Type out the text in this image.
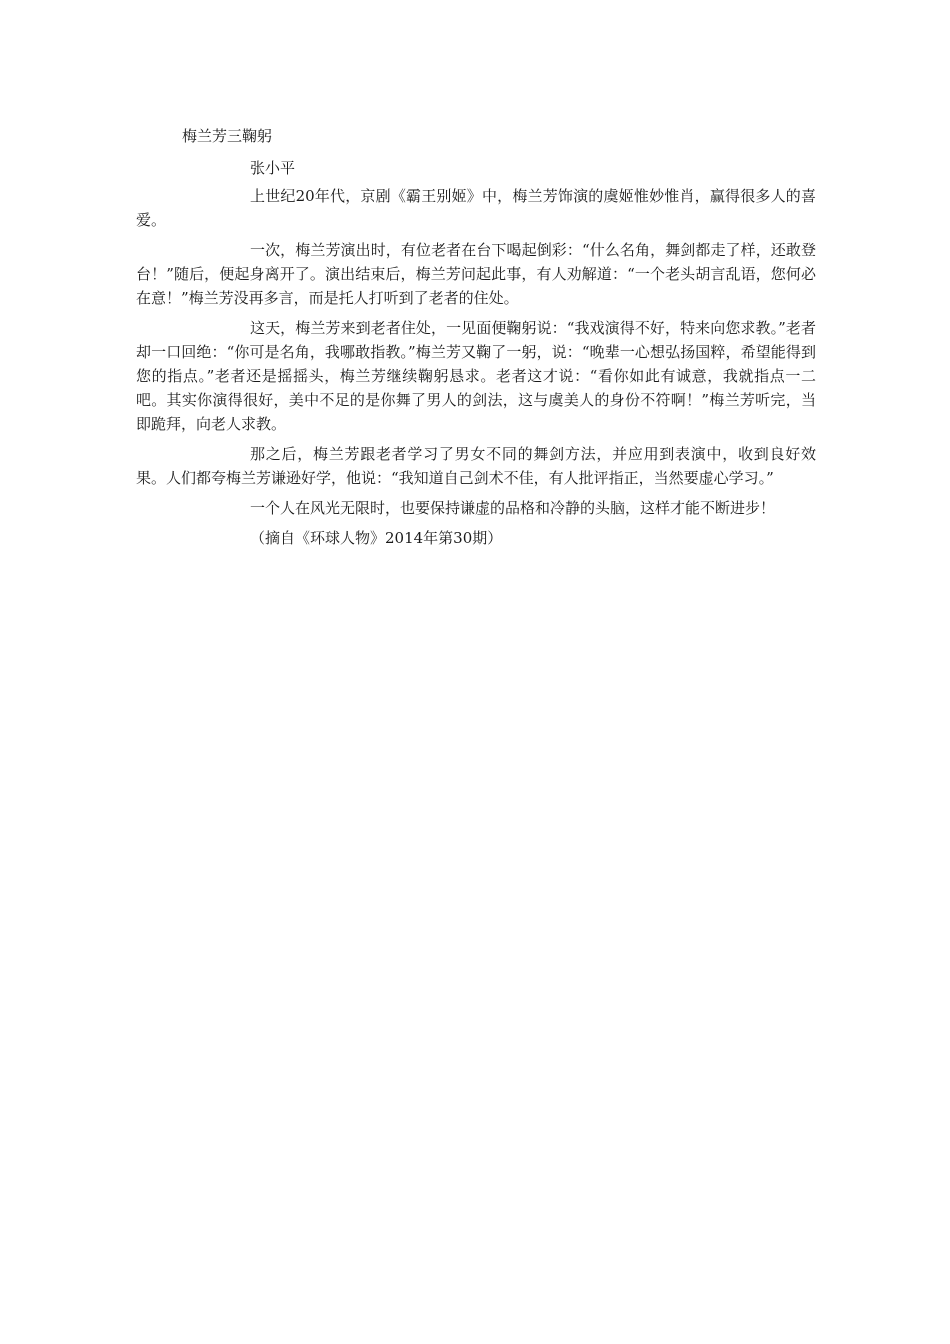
梅兰芳三鞠躬

张小平

上世纪20年代，京剧《霸王别姬》中，梅兰芳饰演的虞姬惟妙惟肖，赢得很多人的喜爱。

一次，梅兰芳演出时，有位老者在台下喝起倒彩：“什么名角，舞剑都走了样，还敢登台！”随后，便起身离开了。演出结束后，梅兰芳问起此事，有人劝解道：“一个老头胡言乱语，您何必在意！”梅兰芳没再多言，而是托人打听到了老者的住处。

这天，梅兰芳来到老者住处，一见面便鞠躬说：“我戏演得不好，特来向您求教。”老者却一口回绝：“你可是名角，我哪敢指教。”梅兰芳又鞠了一躬，说：“晚辈一心想弘扬国粹，希望能得到您的指点。”老者还是摇摇头，梅兰芳继续鞠躬恳求。老者这才说：“看你如此有诚意，我就指点一二吧。其实你演得很好，美中不足的是你舞了男人的剑法，这与虞美人的身份不符啊！”梅兰芳听完，当即跪拜，向老人求教。

那之后，梅兰芳跟老者学习了男女不同的舞剑方法，并应用到表演中，收到良好效果。人们都夸梅兰芳谦逊好学，他说：“我知道自己剑术不佳，有人批评指正，当然要虚心学习。”

一个人在风光无限时，也要保持谦虚的品格和冷静的头脑，这样才能不断进步！

（摘自《环球人物》2014年第30期）
